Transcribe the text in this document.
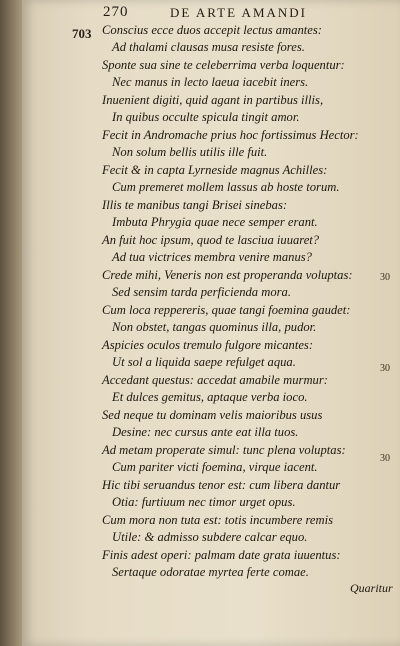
270	DE ARTE AMANDI
703 Conscius ecce duos accepit lectus amantes:
Ad thalami clausas musa resiste fores.
Sponte sua sine te celeberrima verba loquentur:
Nec manus in lecto laeua iacebit iners.
Inuenient digiti, quid agant in partibus illis,
In quibus occulte spicula tingit amor.
Fecit in Andromache prius hoc fortissimus Hector:
Non solum bellis utilis ille fuit.
Fecit & in capta Lyrneside magnus Achilles:
Cum premeret mollem lassus ab hoste torum.
Illis te manibus tangi Brisei sinebas:
Imbuta Phrygia quae nece semper erant.
An fuit hoc ipsum, quod te lasciua iuuaret?
Ad tua victrices membra venire manus?
Crede mihi, Veneris non est properanda voluptas:
Sed sensim tarda perficienda mora.
Cum loca reppereris, quae tangi foemina gaudet:
Non obstet, tangas quominus illa, pudor.
Aspicies oculos tremulo fulgore micantes:
Ut sol a liquida saepe refulget aqua.
Accedant questus: accedat amabile murmur:
Et dulces gemitus, aptaque verba ioco.
Sed neque tu dominam velis maioribus usus
Desine: nec cursus ante eat illa tuos.
Ad metam properate simul: tunc plena voluptas:
Cum pariter victi foemina, virque iacent.
Hic tibi seruandus tenor est: cum libera dantur
Otia: furtiuum nec timor urget opus.
Cum mora non tuta est: totis incumbere remis
Utile: & admisso subdere calcar equo.
Finis adest operi: palmam date grata iuuentus:
Sertaque odoratae myrtea ferte comae.
30
30
30
Quaritur
